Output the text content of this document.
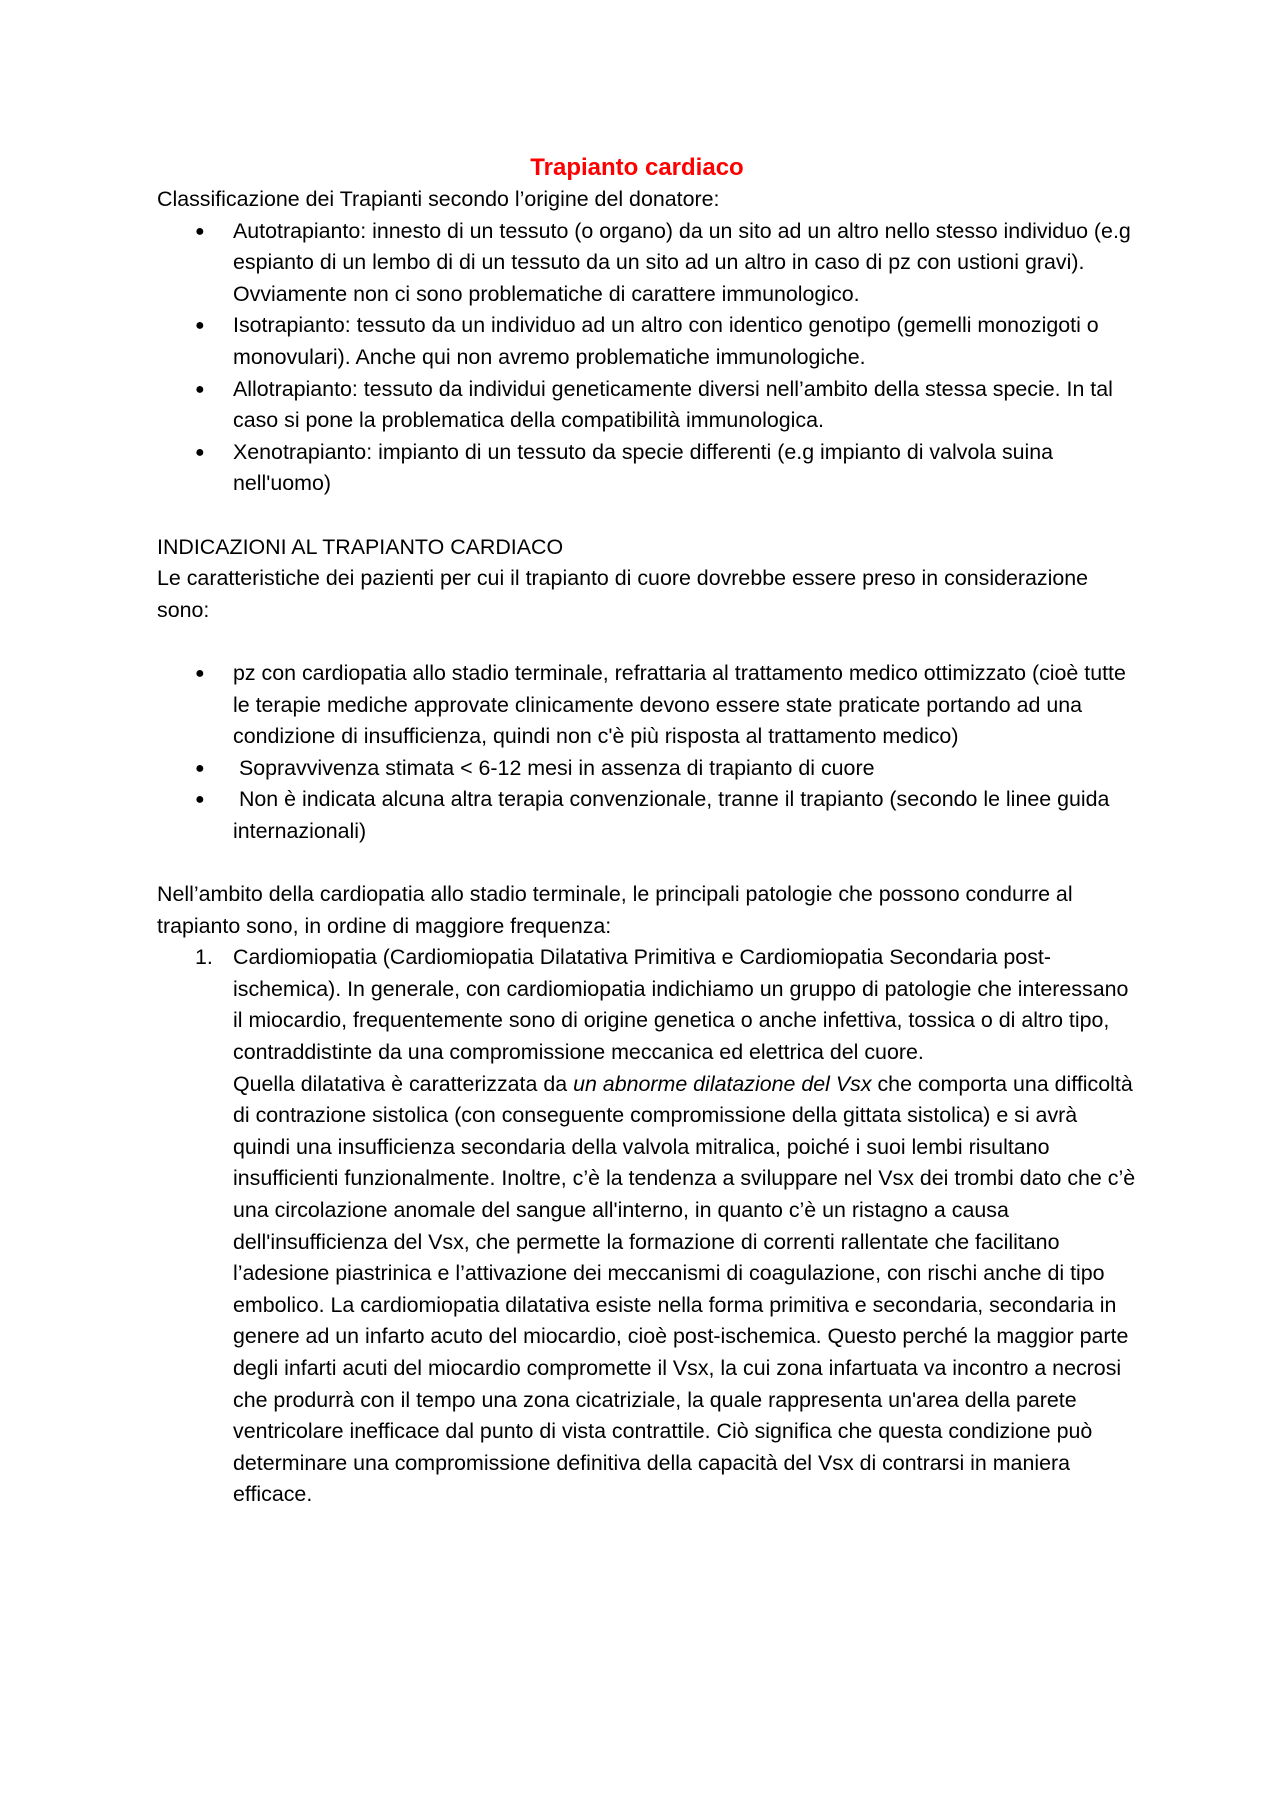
Trapianto cardiaco

Classificazione dei Trapianti secondo l’origine del donatore:

● Autotrapianto: innesto di un tessuto (o organo) da un sito ad un altro nello stesso individuo (e.g espianto di un lembo di di un tessuto da un sito ad un altro in caso di pz con ustioni gravi). Ovviamente non ci sono problematiche di carattere immunologico.
● Isotrapianto: tessuto da un individuo ad un altro con identico genotipo (gemelli monozigoti o monovulari). Anche qui non avremo problematiche immunologiche.
● Allotrapianto: tessuto da individui geneticamente diversi nell’ambito della stessa specie. In tal caso si pone la problematica della compatibilità immunologica.
● Xenotrapianto: impianto di un tessuto da specie differenti (e.g impianto di valvola suina nell'uomo)

INDICAZIONI AL TRAPIANTO CARDIACO

Le caratteristiche dei pazienti per cui il trapianto di cuore dovrebbe essere preso in considerazione sono:

● pz con cardiopatia allo stadio terminale, refrattaria al trattamento medico ottimizzato (cioè tutte le terapie mediche approvate clinicamente devono essere state praticate portando ad una condizione di insufficienza, quindi non c'è più risposta al trattamento medico)
● Sopravvivenza stimata < 6-12 mesi in assenza di trapianto di cuore
● Non è indicata alcuna altra terapia convenzionale, tranne il trapianto (secondo le linee guida internazionali)

Nell’ambito della cardiopatia allo stadio terminale, le principali patologie che possono condurre al trapianto sono, in ordine di maggiore frequenza:

1. Cardiomiopatia (Cardiomiopatia Dilatativa Primitiva e Cardiomiopatia Secondaria post-ischemica). In generale, con cardiomiopatia indichiamo un gruppo di patologie che interessano il miocardio, frequentemente sono di origine genetica o anche infettiva, tossica o di altro tipo, contraddistinte da una compromissione meccanica ed elettrica del cuore.

Quella dilatativa è caratterizzata da un abnorme dilatazione del Vsx che comporta una difficoltà di contrazione sistolica (con conseguente compromissione della gittata sistolica) e si avrà quindi una insufficienza secondaria della valvola mitralica, poiché i suoi lembi risultano insufficienti funzionalmente. Inoltre, c’è la tendenza a sviluppare nel Vsx dei trombi dato che c’è una circolazione anomale del sangue all'interno, in quanto c’è un ristagno a causa dell'insufficienza del Vsx, che permette la formazione di correnti rallentate che facilitano l’adesione piastrinica e l’attivazione dei meccanismi di coagulazione, con rischi anche di tipo embolico. La cardiomiopatia dilatativa esiste nella forma primitiva e secondaria, secondaria in genere ad un infarto acuto del miocardio, cioè post-ischemica. Questo perché la maggior parte degli infarti acuti del miocardio compromette il Vsx, la cui zona infartuata va incontro a necrosi che produrrà con il tempo una zona cicatriziale, la quale rappresenta un'area della parete ventricolare inefficace dal punto di vista contrattile. Ciò significa che questa condizione può determinare una compromissione definitiva della capacità del Vsx di contrarsi in maniera efficace.
